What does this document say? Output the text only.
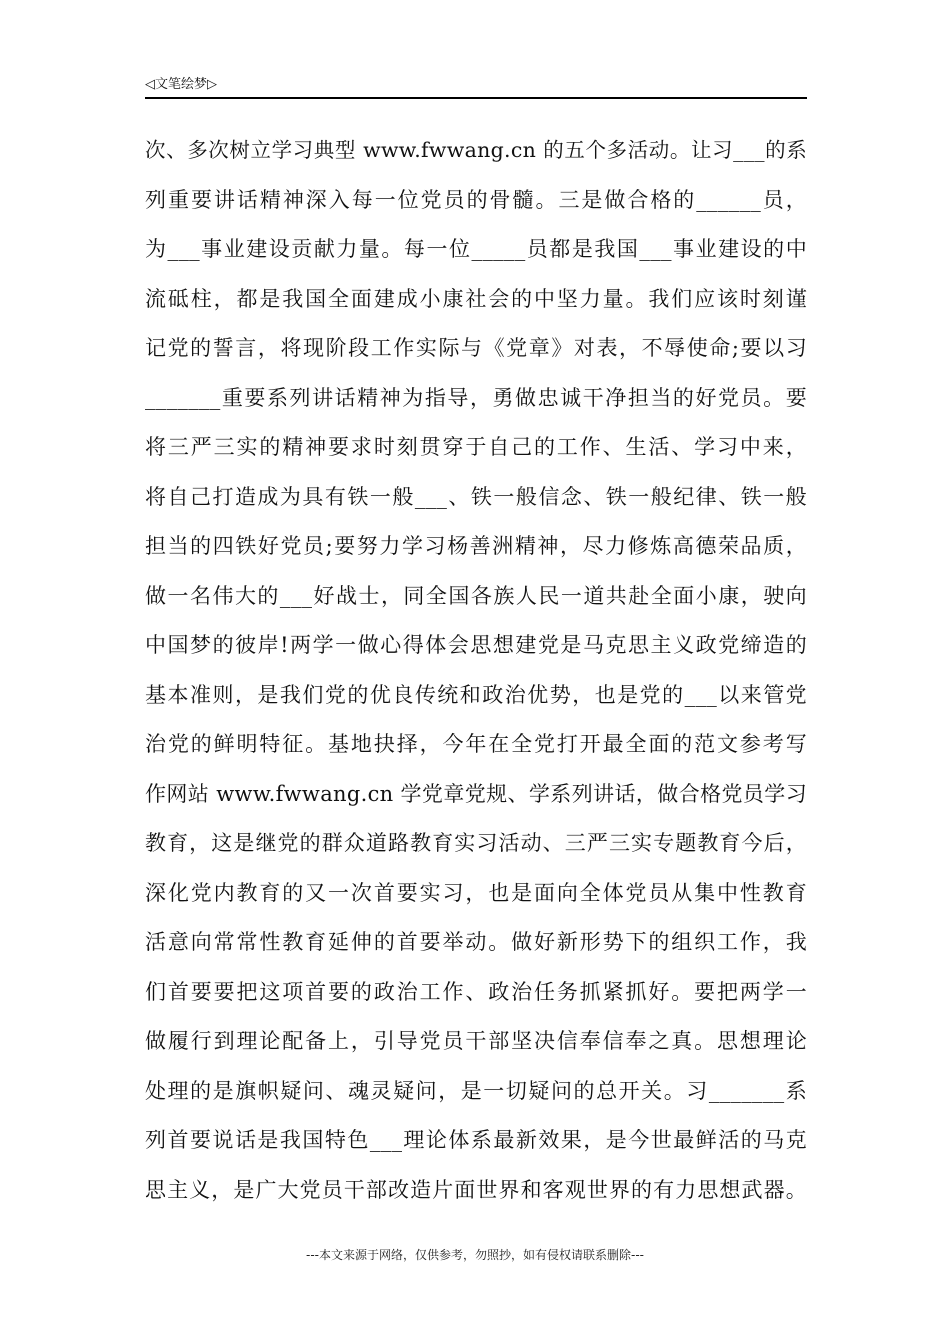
◁文笔绘梦▷
次、多次树立学习典型 www.fwwang.cn 的五个多活动。让习___的系
列重要讲话精神深入每一位党员的骨髓。三是做合格的______员，
为___事业建设贡献力量。每一位_____员都是我国___事业建设的中
流砥柱，都是我国全面建成小康社会的中坚力量。我们应该时刻谨
记党的誓言，将现阶段工作实际与《党章》对表，不辱使命;要以习
_______重要系列讲话精神为指导，勇做忠诚干净担当的好党员。要
将三严三实的精神要求时刻贯穿于自己的工作、生活、学习中来，
将自己打造成为具有铁一般___、铁一般信念、铁一般纪律、铁一般
担当的四铁好党员;要努力学习杨善洲精神，尽力修炼高德荣品质，
做一名伟大的___好战士，同全国各族人民一道共赴全面小康，驶向
中国梦的彼岸!两学一做心得体会思想建党是马克思主义政党缔造的
基本准则，是我们党的优良传统和政治优势，也是党的___以来管党
治党的鲜明特征。基地抉择，今年在全党打开最全面的范文参考写
作网站 www.fwwang.cn 学党章党规、学系列讲话，做合格党员学习
教育，这是继党的群众道路教育实习活动、三严三实专题教育今后，
深化党内教育的又一次首要实习，也是面向全体党员从集中性教育
活意向常常性教育延伸的首要举动。做好新形势下的组织工作，我
们首要要把这项首要的政治工作、政治任务抓紧抓好。要把两学一
做履行到理论配备上，引导党员干部坚决信奉信奉之真。思想理论
处理的是旗帜疑问、魂灵疑问，是一切疑问的总开关。习_______系
列首要说话是我国特色___理论体系最新效果，是今世最鲜活的马克
思主义，是广大党员干部改造片面世界和客观世界的有力思想武器。
---本文来源于网络，仅供参考，勿照抄，如有侵权请联系删除---
